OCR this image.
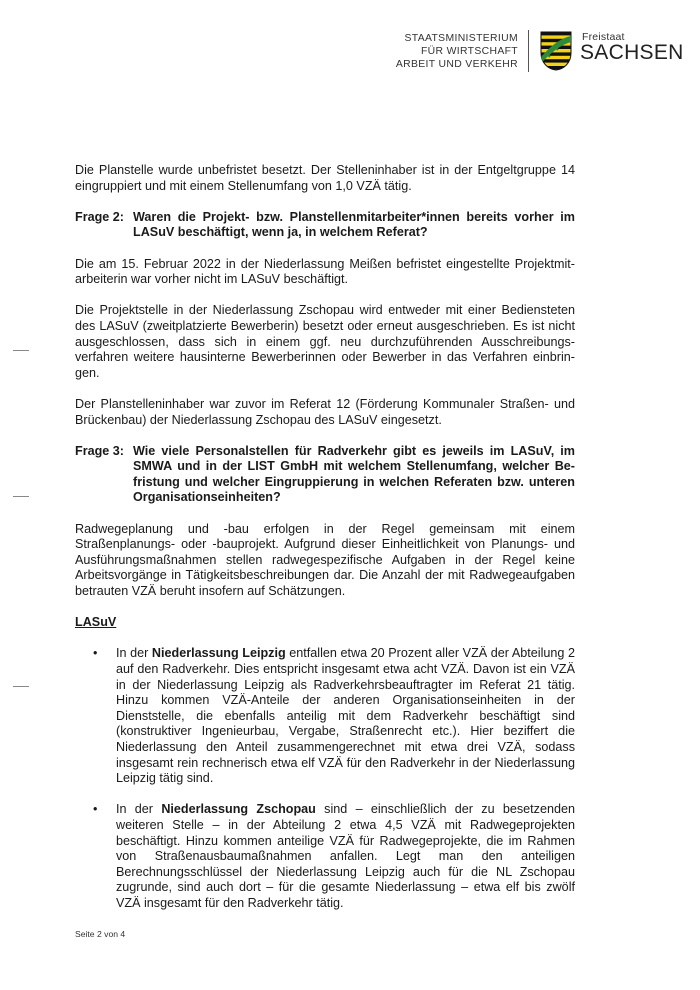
STAATSMINISTERIUM
FÜR WIRTSCHAFT
ARBEIT UND VERKEHR
Freistaat
SACHSEN

Die Planstelle wurde unbefristet besetzt. Der Stelleninhaber ist in der Entgeltgruppe 14 eingruppiert und mit einem Stellenumfang von 1,0 VZÄ tätig.

Frage 2: Waren die Projekt- bzw. Planstellenmitarbeiter*innen bereits vorher im LASuV beschäftigt, wenn ja, in welchem Referat?

Die am 15. Februar 2022 in der Niederlassung Meißen befristet eingestellte Projektmit-arbeiterin war vorher nicht im LASuV beschäftigt.

Die Projektstelle in der Niederlassung Zschopau wird entweder mit einer Bediensteten des LASuV (zweitplatzierte Bewerberin) besetzt oder erneut ausgeschrieben. Es ist nicht ausgeschlossen, dass sich in einem ggf. neu durchzuführenden Ausschreibungs-verfahren weitere hausinterne Bewerberinnen oder Bewerber in das Verfahren einbrin-gen.

Der Planstelleninhaber war zuvor im Referat 12 (Förderung Kommunaler Straßen- und Brückenbau) der Niederlassung Zschopau des LASuV eingesetzt.

Frage 3: Wie viele Personalstellen für Radverkehr gibt es jeweils im LASuV, im SMWA und in der LIST GmbH mit welchem Stellenumfang, welcher Be-fristung und welcher Eingruppierung in welchen Referaten bzw. unteren Organisationseinheiten?

Radwegeplanung und -bau erfolgen in der Regel gemeinsam mit einem Straßenplanungs- oder -bauprojekt. Aufgrund dieser Einheitlichkeit von Planungs- und Ausführungsmaßnahmen stellen radwegespezifische Aufgaben in der Regel keine Arbeitsvorgänge in Tätigkeitsbeschreibungen dar. Die Anzahl der mit Radwegeaufgaben betrauten VZÄ beruht insofern auf Schätzungen.

LASuV

•	In der Niederlassung Leipzig entfallen etwa 20 Prozent aller VZÄ der Abteilung 2 auf den Radverkehr. Dies entspricht insgesamt etwa acht VZÄ. Davon ist ein VZÄ in der Niederlassung Leipzig als Radverkehrsbeauftragter im Referat 21 tätig. Hinzu kommen VZÄ-Anteile der anderen Organisationseinheiten in der Dienststelle, die ebenfalls anteilig mit dem Radverkehr beschäftigt sind (konstruktiver Ingenieurbau, Vergabe, Straßenrecht etc.). Hier beziffert die Niederlassung den Anteil zusammengerechnet mit etwa drei VZÄ, sodass insgesamt rein rechnerisch etwa elf VZÄ für den Radverkehr in der Niederlassung Leipzig tätig sind.
•	In der Niederlassung Zschopau sind – einschließlich der zu besetzenden weiteren Stelle – in der Abteilung 2 etwa 4,5 VZÄ mit Radwegeprojekten beschäftigt. Hinzu kommen anteilige VZÄ für Radwegeprojekte, die im Rahmen von Straßenausbaumaßnahmen anfallen. Legt man den anteiligen Berechnungsschlüssel der Niederlassung Leipzig auch für die NL Zschopau zugrunde, sind auch dort – für die gesamte Niederlassung – etwa elf bis zwölf VZÄ insgesamt für den Radverkehr tätig.
Seite 2 von 4
